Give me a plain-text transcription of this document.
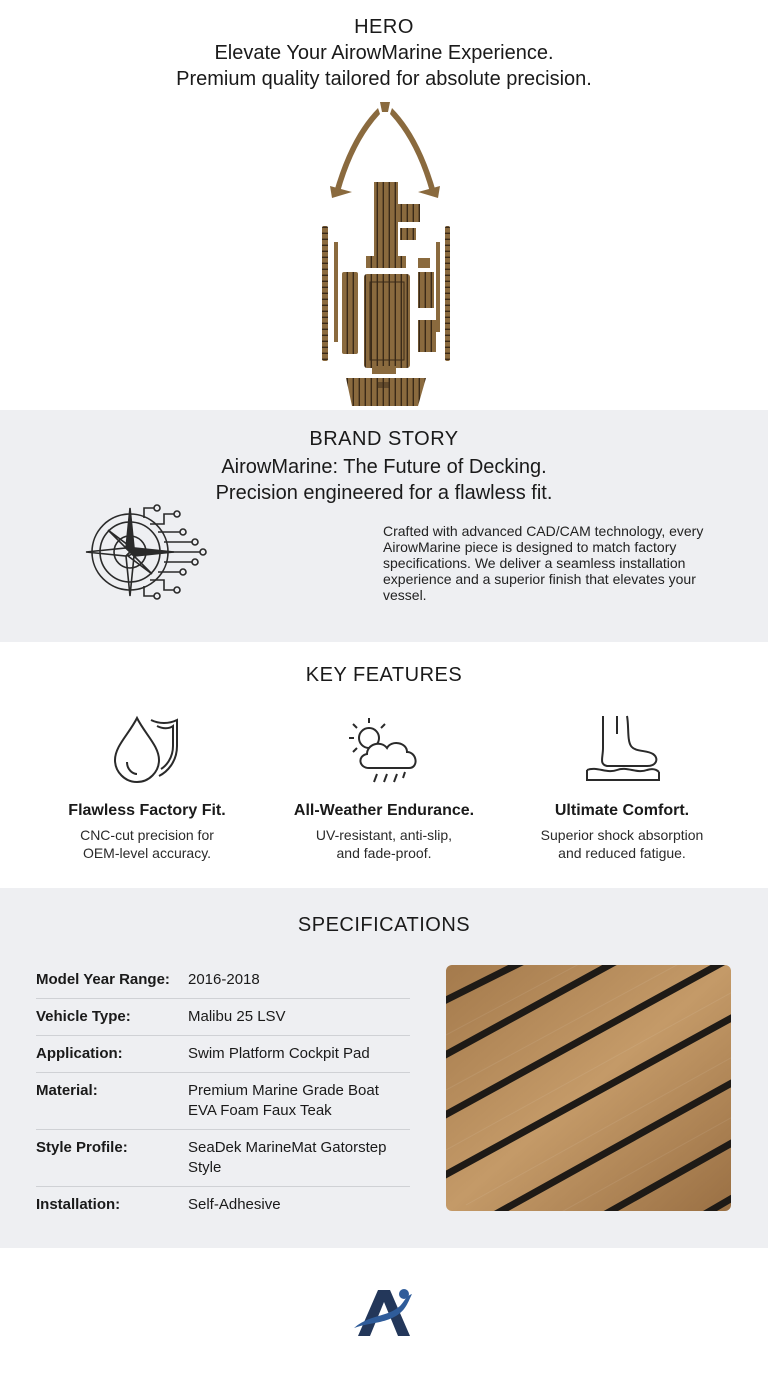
HERO
Elevate Your AirowMarine Experience.
Premium quality tailored for absolute precision.
BRAND STORY
AirowMarine: The Future of Decking.
Precision engineered for a flawless fit.
Crafted with advanced CAD/CAM technology, every AirowMarine piece is designed to match factory specifications. We deliver a seamless installation experience and a superior finish that elevates your vessel.
KEY FEATURES
Flawless Factory Fit.
CNC-cut precision for
OEM-level accuracy.
All-Weather Endurance.
UV-resistant, anti-slip,
and fade-proof.
Ultimate Comfort.
Superior shock absorption
and reduced fatigue.
SPECIFICATIONS
Model Year Range:	2016-2018
Vehicle Type:	Malibu 25 LSV
Application:	Swim Platform Cockpit Pad
Material:	Premium Marine Grade Boat EVA Foam Faux Teak
Style Profile:	SeaDek MarineMat Gatorstep Style
Installation:	Self-Adhesive
